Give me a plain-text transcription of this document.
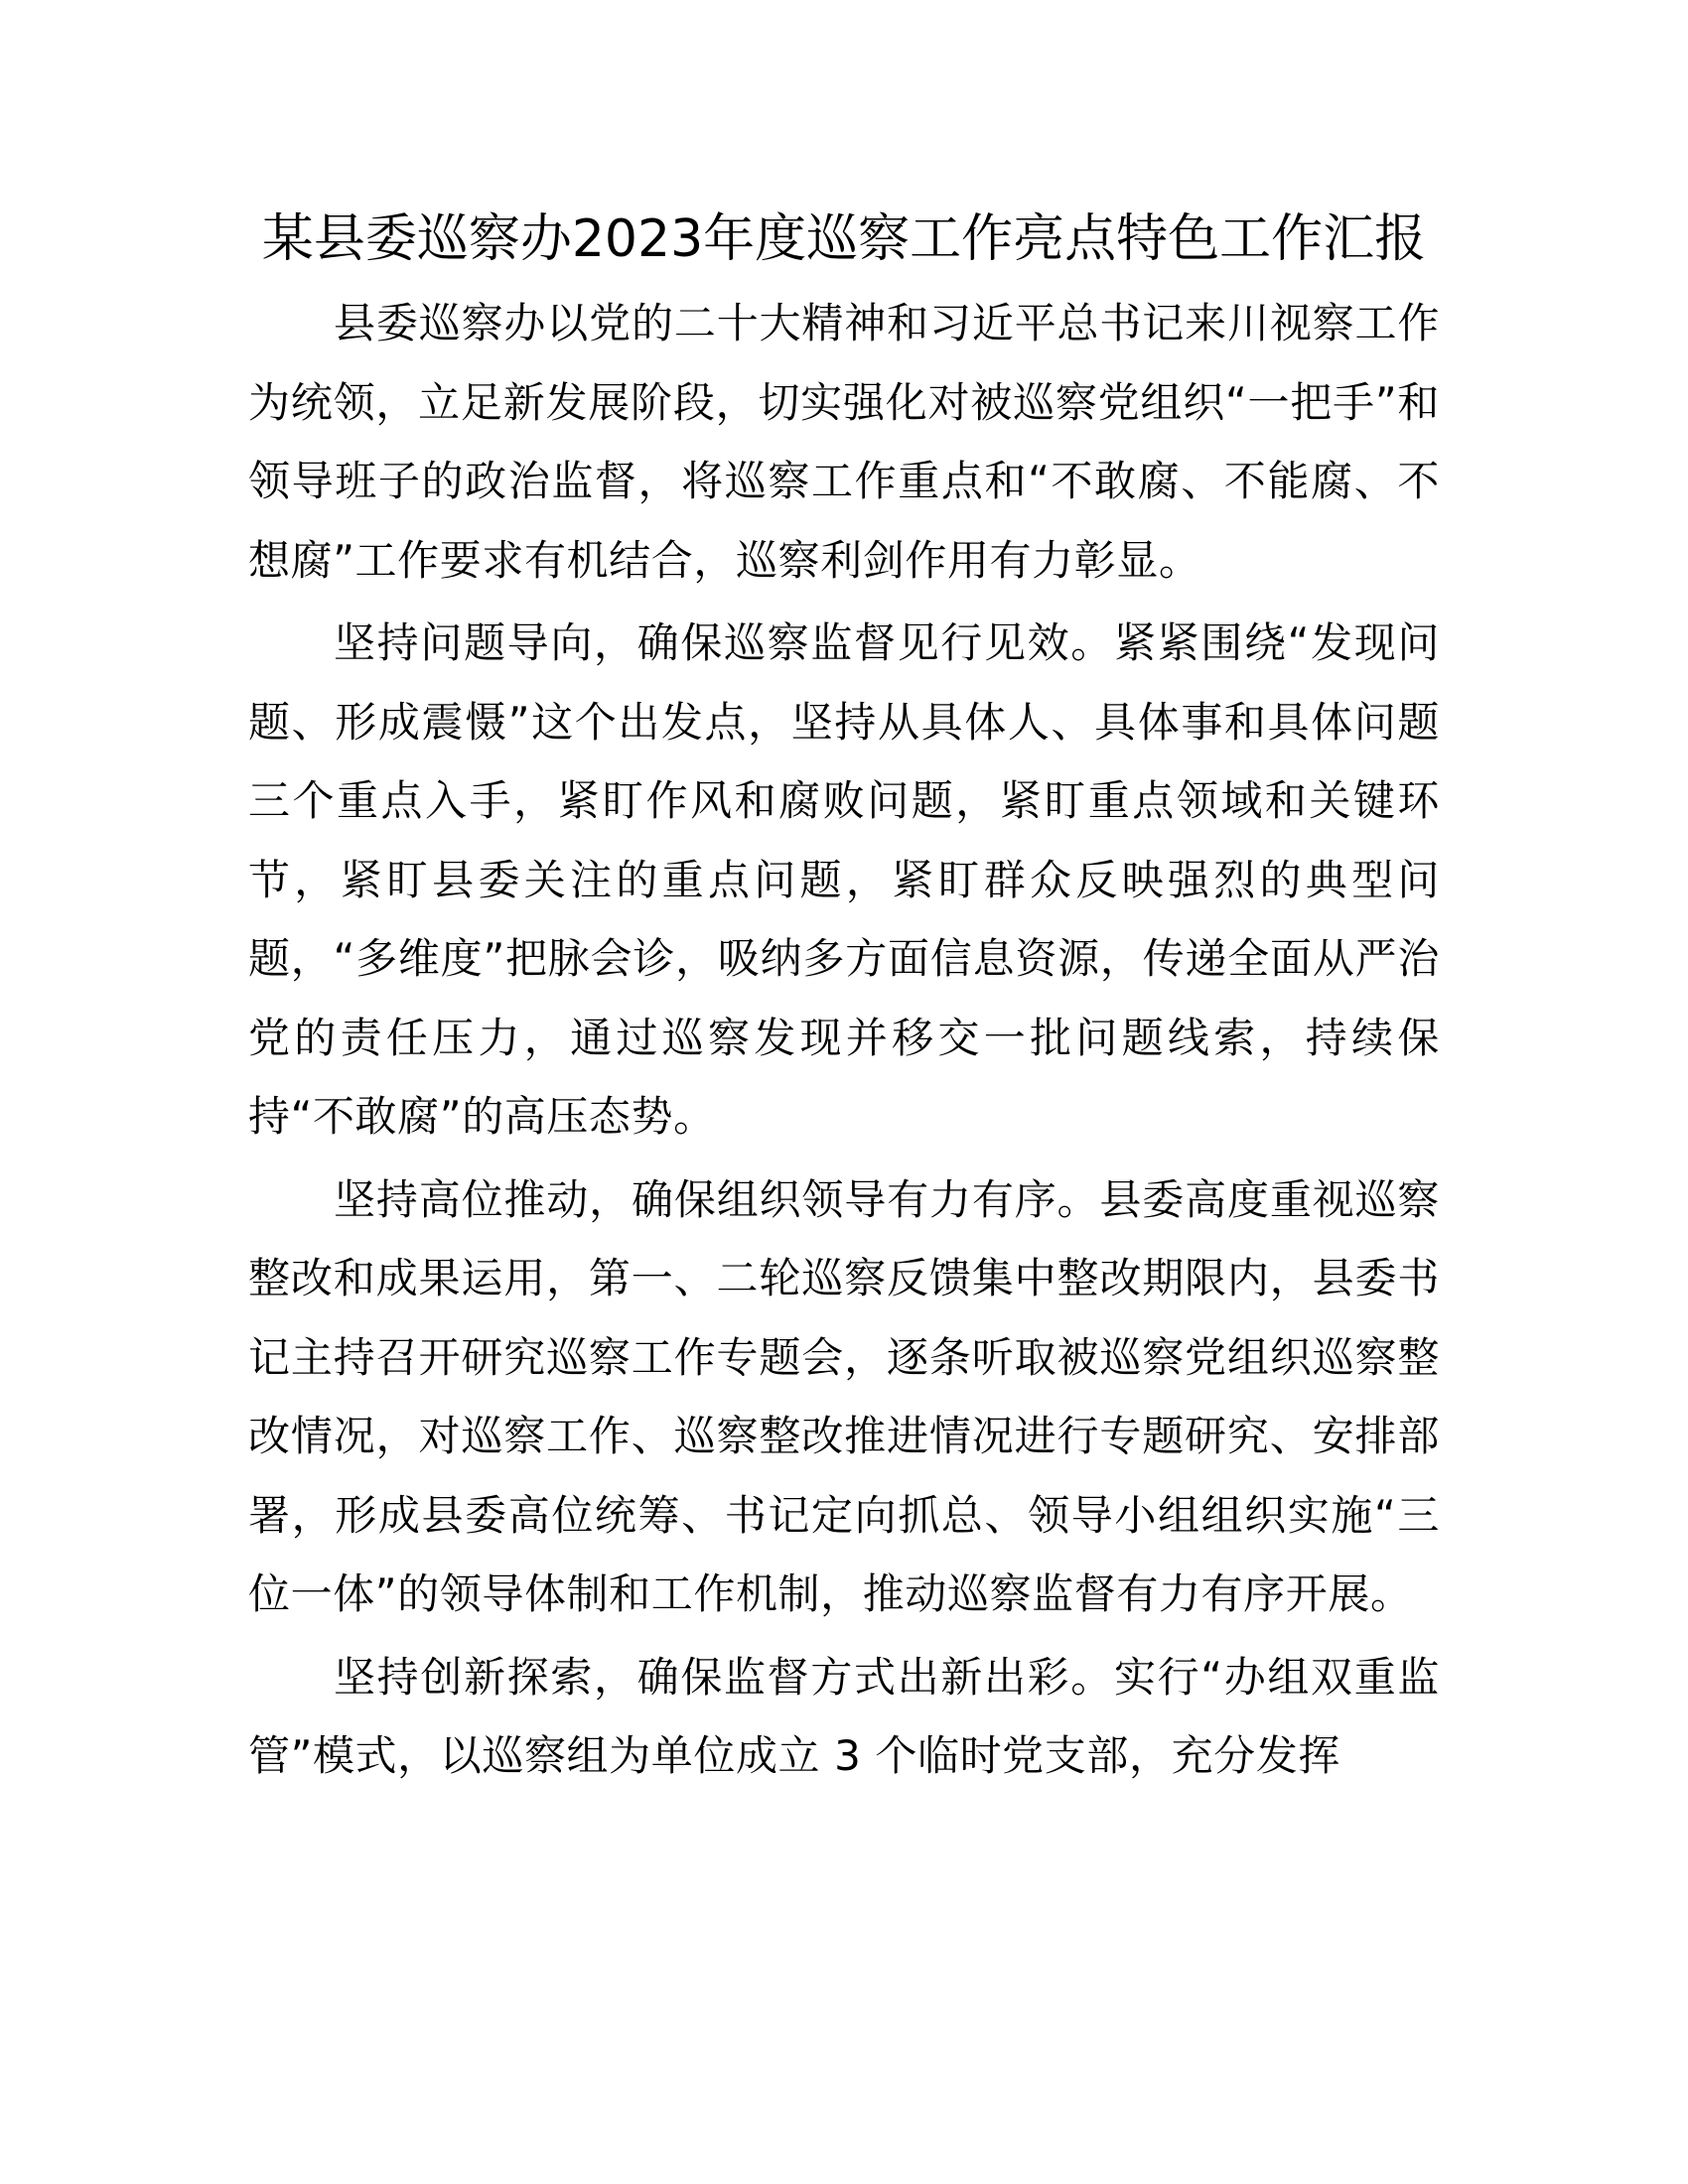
某县委巡察办2023年度巡察工作亮点特色工作汇报

县委巡察办以党的二十大精神和习近平总书记来川视察工作为统领，立足新发展阶段，切实强化对被巡察党组织“一把手”和领导班子的政治监督，将巡察工作重点和“不敢腐、不能腐、不想腐”工作要求有机结合，巡察利剑作用有力彰显。

坚持问题导向，确保巡察监督见行见效。紧紧围绕“发现问题、形成震慑”这个出发点，坚持从具体人、具体事和具体问题三个重点入手，紧盯作风和腐败问题，紧盯重点领域和关键环节，紧盯县委关注的重点问题，紧盯群众反映强烈的典型问题，“多维度”把脉会诊，吸纳多方面信息资源，传递全面从严治党的责任压力，通过巡察发现并移交一批问题线索，持续保持“不敢腐”的高压态势。

坚持高位推动，确保组织领导有力有序。县委高度重视巡察整改和成果运用，第一、二轮巡察反馈集中整改期限内，县委书记主持召开研究巡察工作专题会，逐条听取被巡察党组织巡察整改情况，对巡察工作、巡察整改推进情况进行专题研究、安排部署，形成县委高位统筹、书记定向抓总、领导小组组织实施“三位一体”的领导体制和工作机制，推动巡察监督有力有序开展。

坚持创新探索，确保监督方式出新出彩。实行“办组双重监管”模式，以巡察组为单位成立 3 个临时党支部，充分发挥
